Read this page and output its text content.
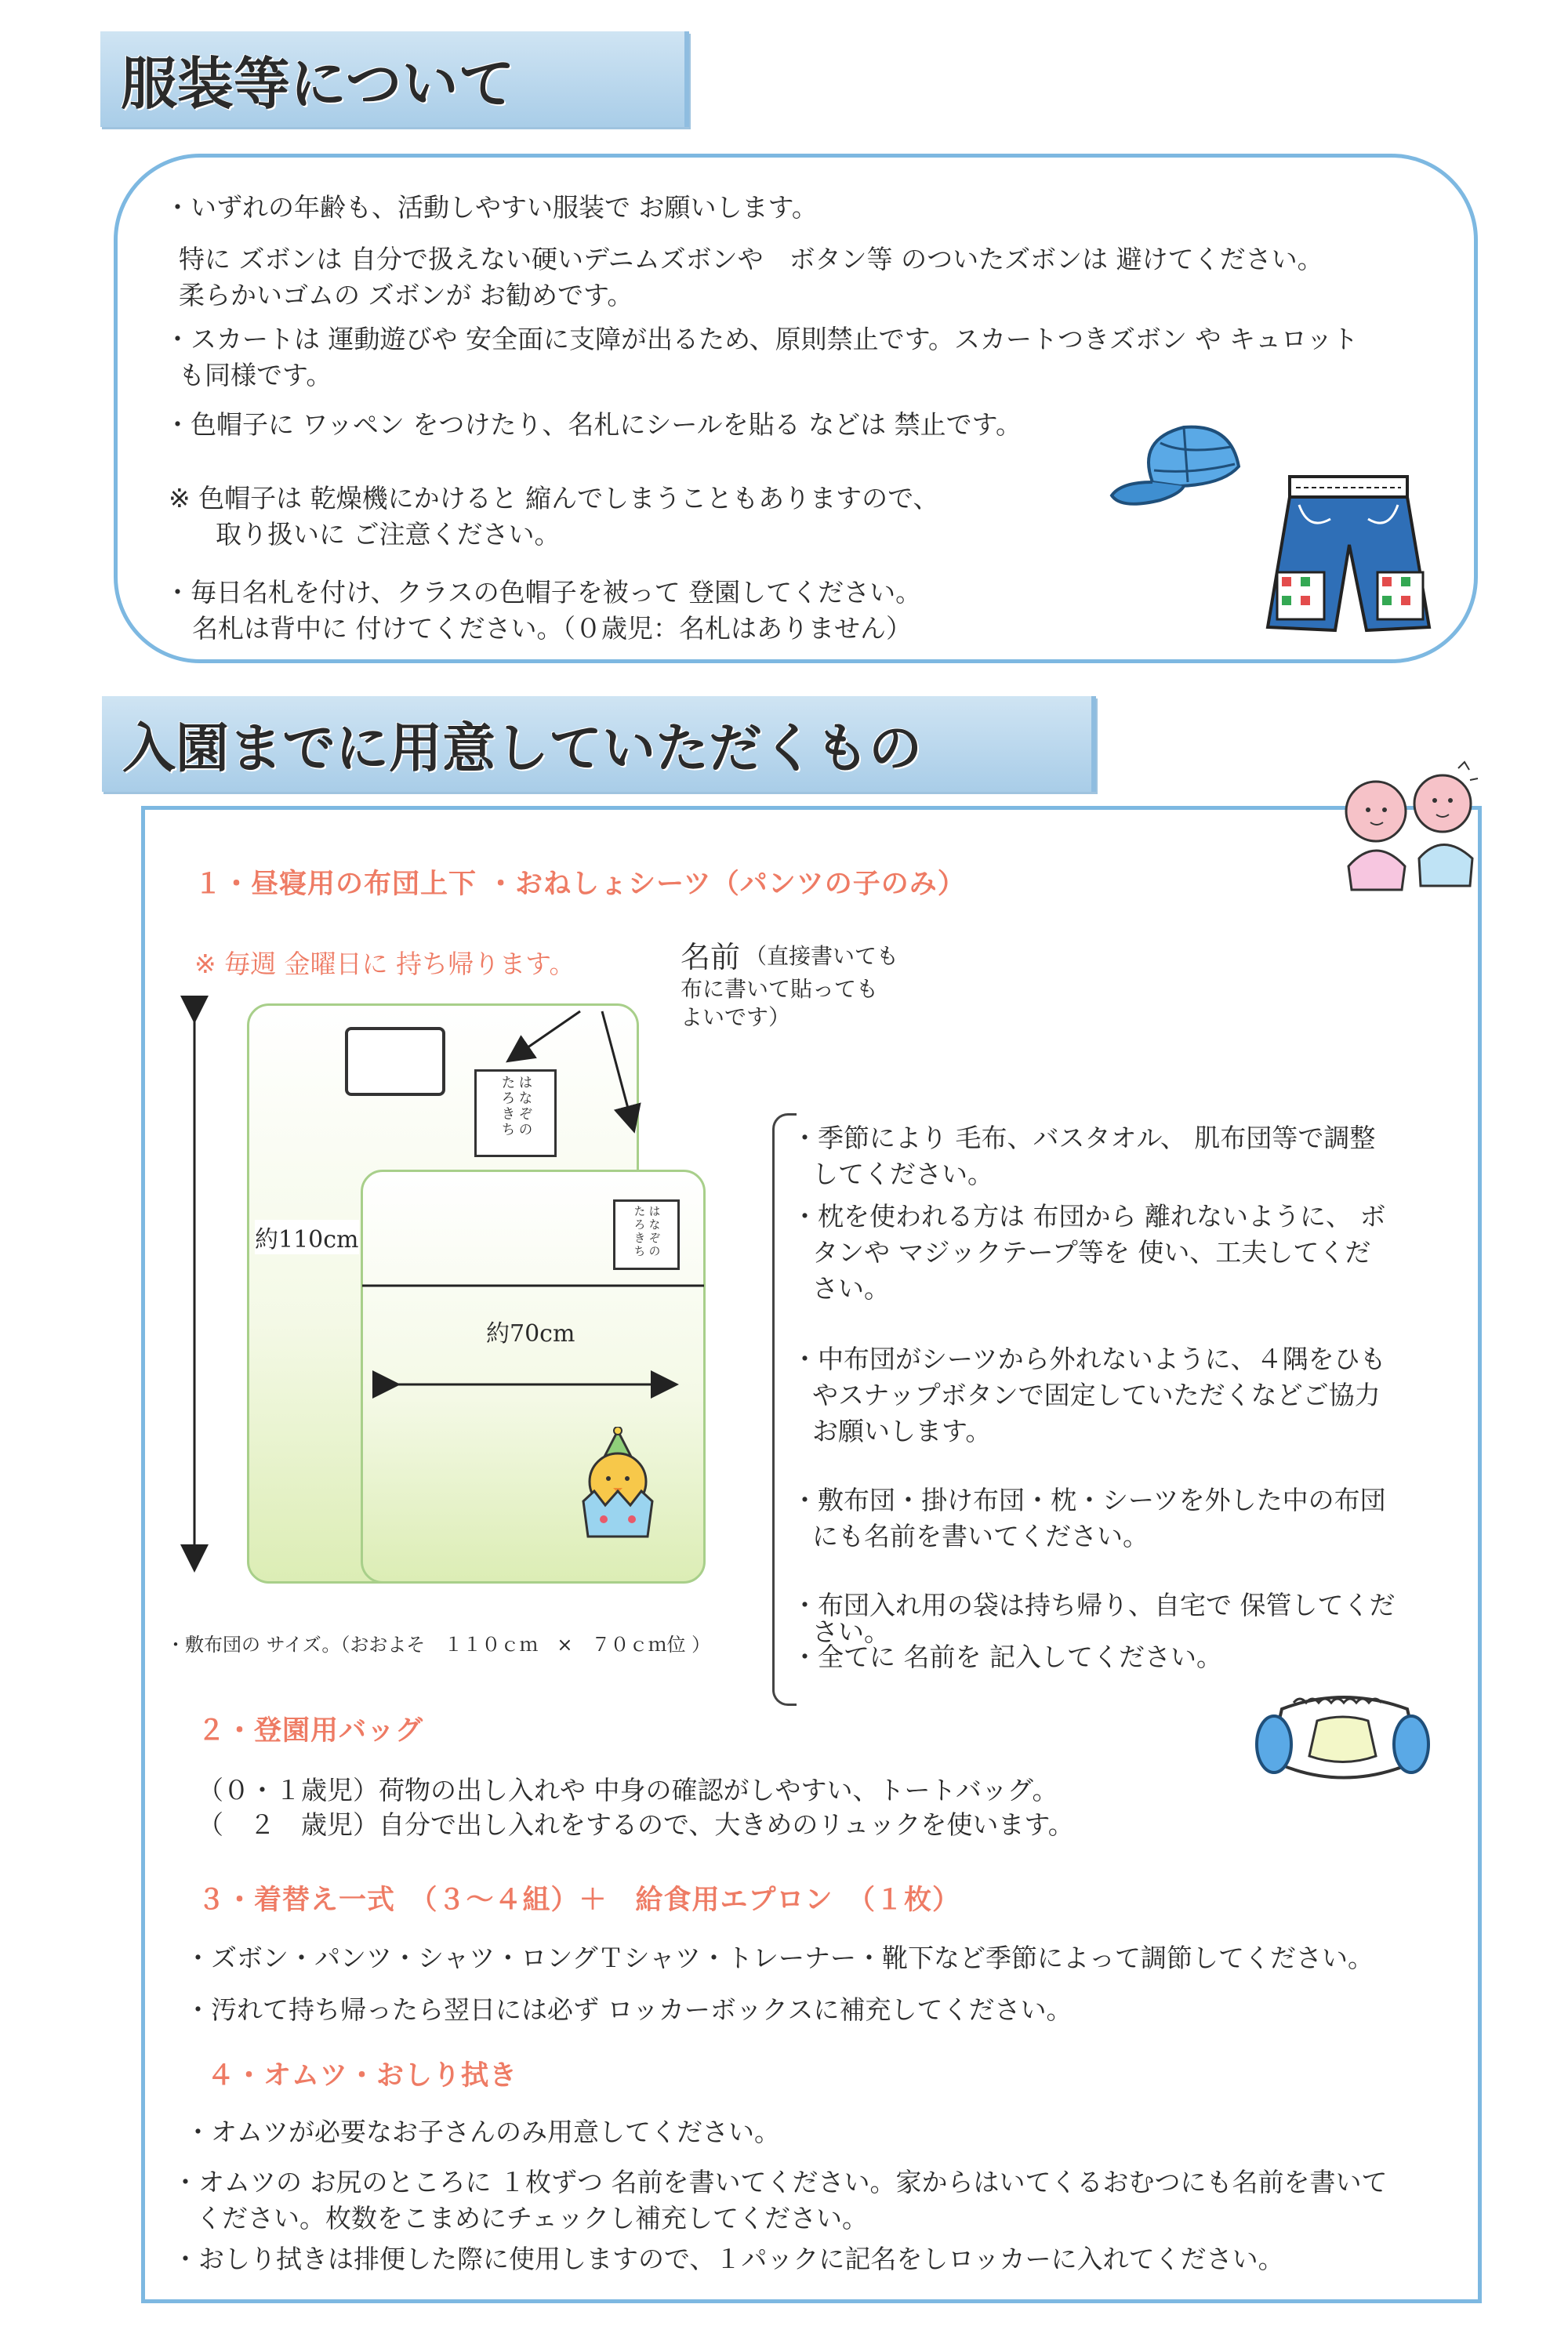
服装等について
・いずれの年齢も、活動しやすい服装で お願いします。
特に ズボンは 自分で扱えない硬いデニムズボンや　ボタン等 のついたズボンは 避けてください。
柔らかいゴムの ズボンが お勧めです。
・スカートは 運動遊びや 安全面に支障が出るため、原則禁止です。スカートつきズボン や キュロット
も同様です。
・色帽子に ワッペン をつけたり、名札にシールを貼る などは 禁止です。
※ 色帽子は 乾燥機にかけると 縮んでしまうこともありますので、
取り扱いに ご注意ください。
・毎日名札を付け、クラスの色帽子を被って 登園してください。
名札は背中に 付けてください。（０歳児：名札はありません）
入園までに用意していただくもの
１・昼寝用の布団上下 ・おねしょシーツ（パンツの子のみ）
※ 毎週 金曜日に 持ち帰ります。	名前 （直接書いても
布に書いて貼っても
よいです）
はなぞの
たろきち
はなぞの
たろきち
約110cm
約70cm
・敷布団の サイズ。（おおよそ　１１０ｃｍ　×　７０ｃｍ位 ）
・季節により 毛布、バスタオル、 肌布団等で調整
してください。
・枕を使われる方は 布団から 離れないように、 ボ
タンや マジックテープ等を 使い、工夫してくだ
さい。
・中布団がシーツから外れないように、４隅をひも
やスナップボタンで固定していただくなどご協力
お願いします。
・敷布団・掛け布団・枕・シーツを外した中の布団
にも名前を書いてください。
・布団入れ用の袋は持ち帰り、自宅で 保管してくだ
さい。
・全てに 名前を 記入してください。
２・登園用バッグ
（０・１歳児）荷物の出し入れや 中身の確認がしやすい、トートバッグ。
（　２　歳児）自分で出し入れをするので、大きめのリュックを使います。
３・着替え一式　（３～４組）＋　給食用エプロン　（１枚）
・ズボン・パンツ・シャツ・ロングＴシャツ・トレーナー・靴下など季節によって調節してください。
・汚れて持ち帰ったら翌日には必ず ロッカーボックスに補充してください。
４・オムツ・おしり拭き
・オムツが必要なお子さんのみ用意してください。
・オムツの お尻のところに １枚ずつ 名前を書いてください。家からはいてくるおむつにも名前を書いて
ください。枚数をこまめにチェックし補充してください。
・おしり拭きは排便した際に使用しますので、１パックに記名をしロッカーに入れてください。
